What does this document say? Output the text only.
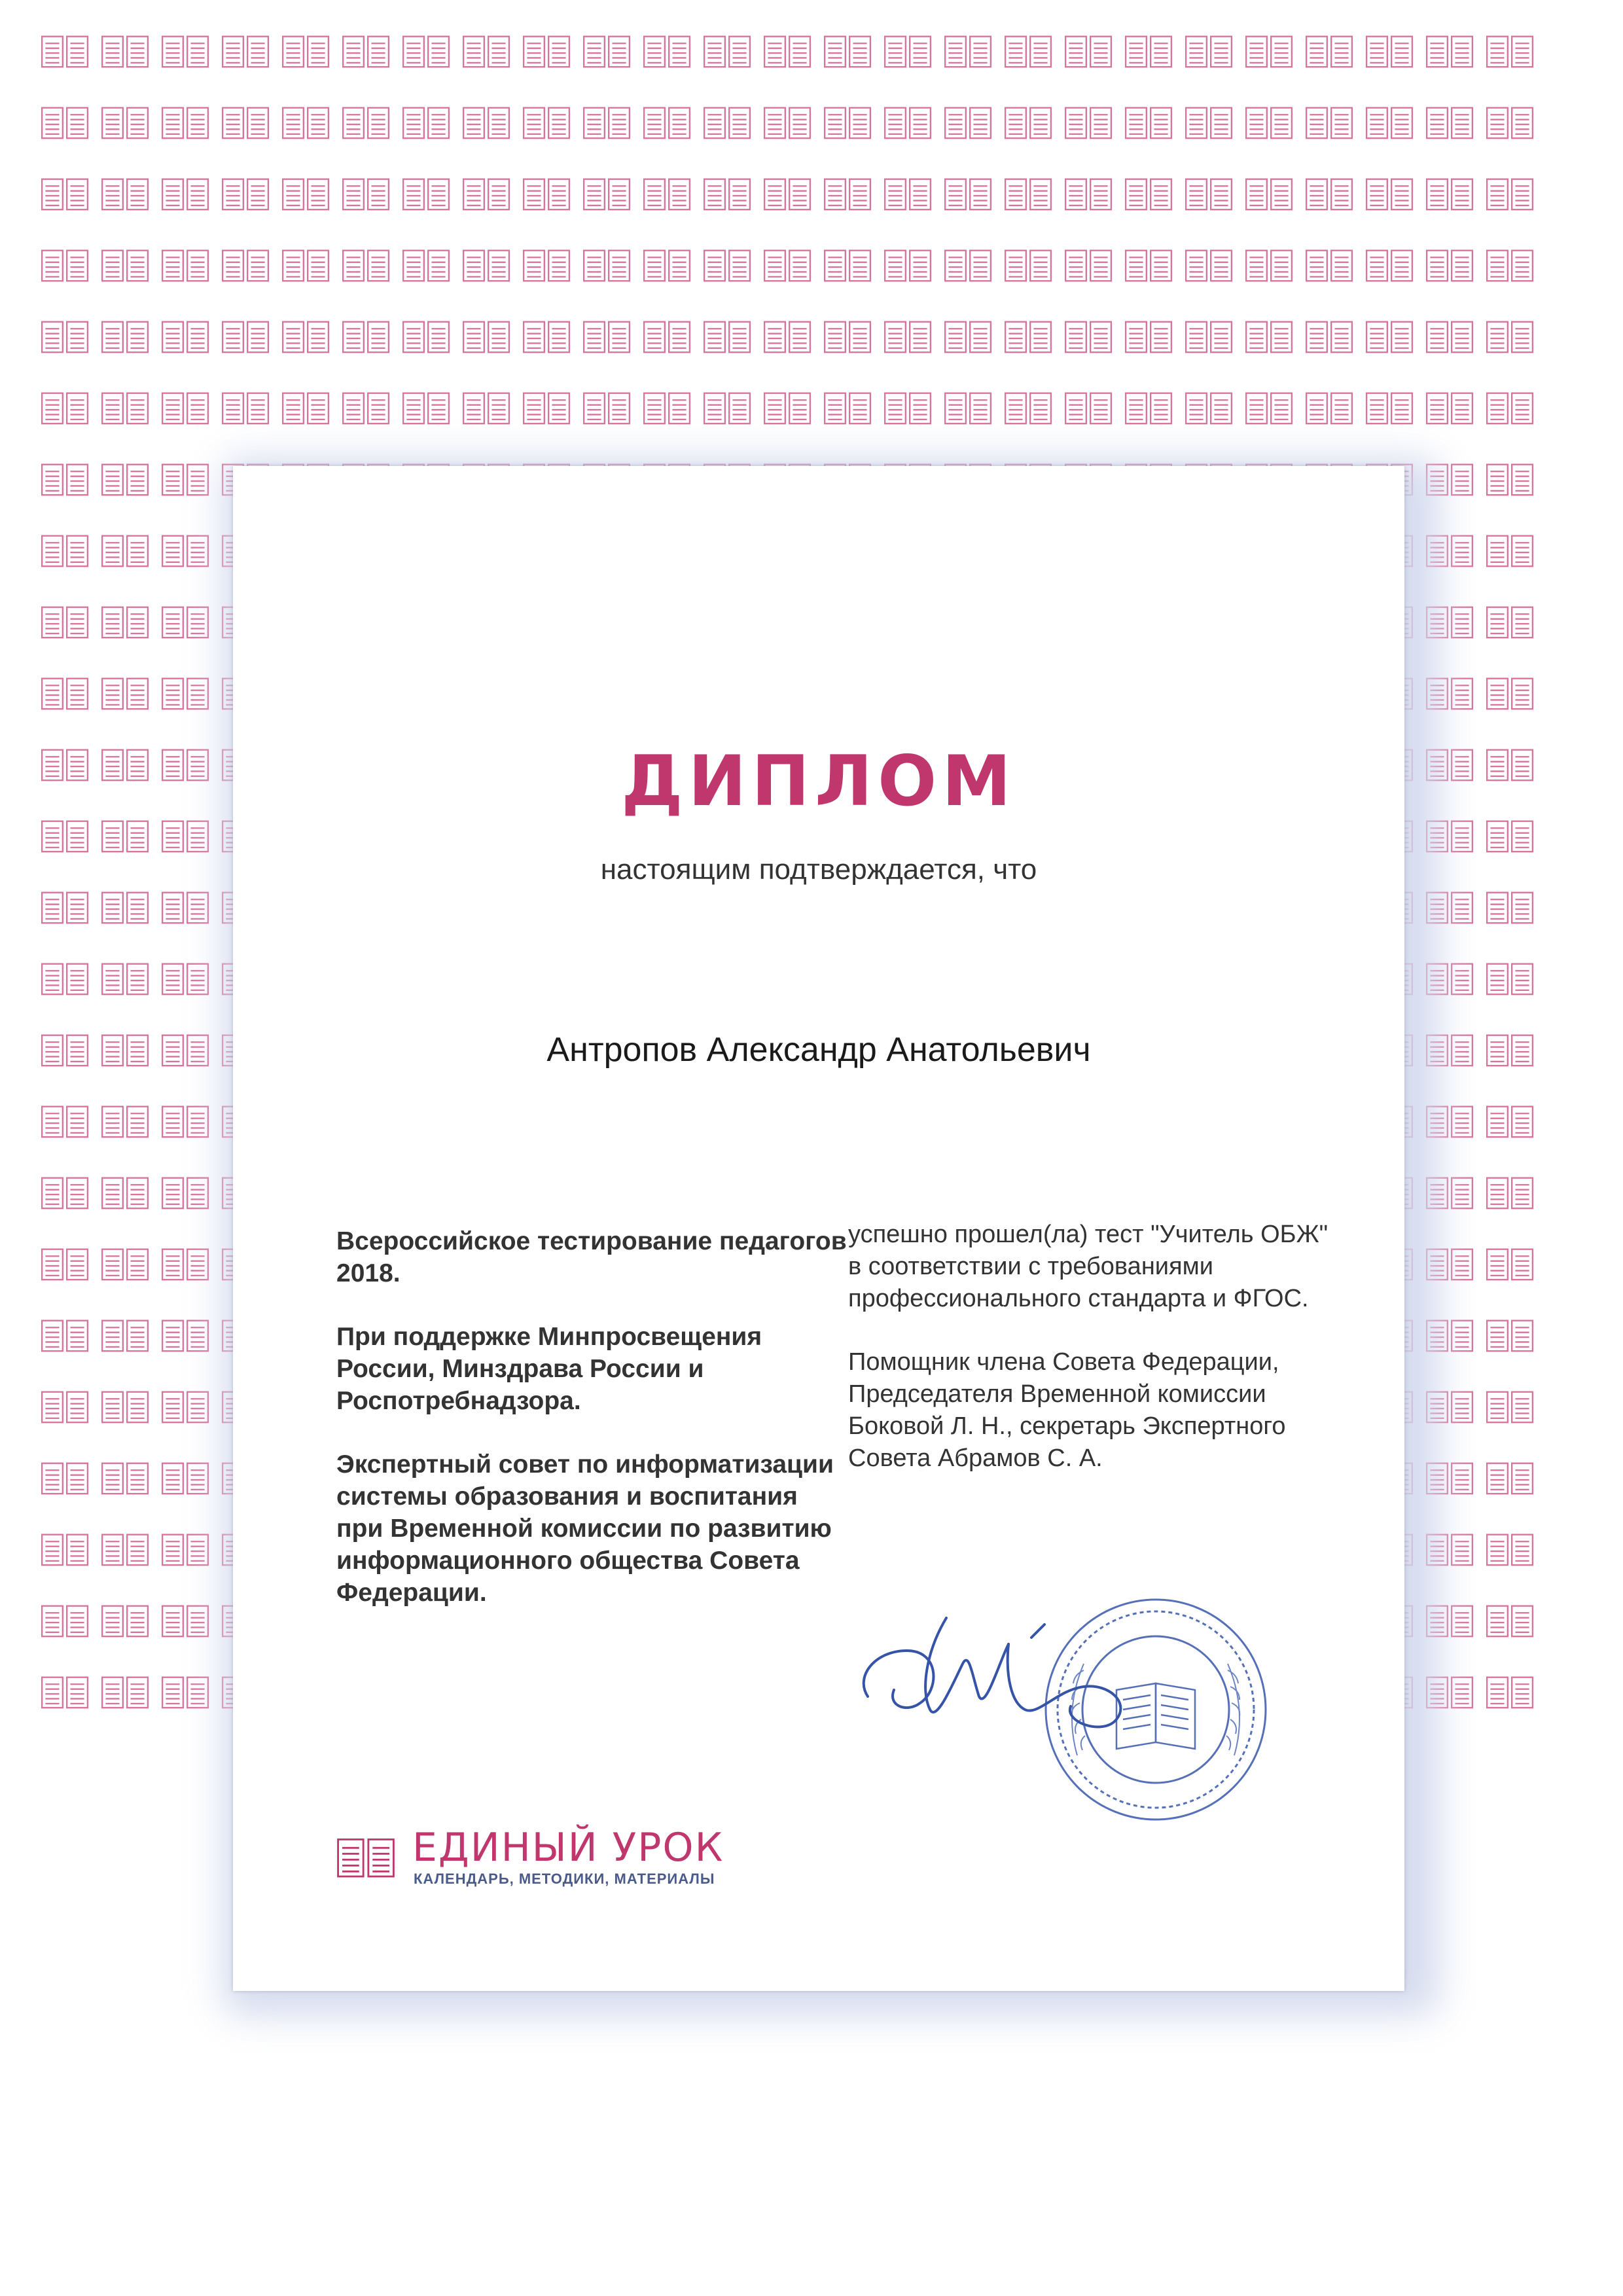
ДИПЛОМ
настоящим подтверждается, что
Антропов Александр Анатольевич

Всероссийское тестирование педагогов 2018.

При поддержке Минпросвещения России, Минздрава России и Роспотребнадзора.

Экспертный совет по информатизации системы образования и воспитания при Временной комиссии по развитию информационного общества Совета Федерации.

успешно прошел(ла) тест "Учитель ОБЖ" в соответствии с требованиями профессионального стандарта и ФГОС.

Помощник члена Совета Федерации, Председателя Временной комиссии Боковой Л. Н., секретарь Экспертного Совета Абрамов С. А.

ЕДИНЫЙ УРОК
КАЛЕНДАРЬ, МЕТОДИКИ, МАТЕРИАЛЫ
